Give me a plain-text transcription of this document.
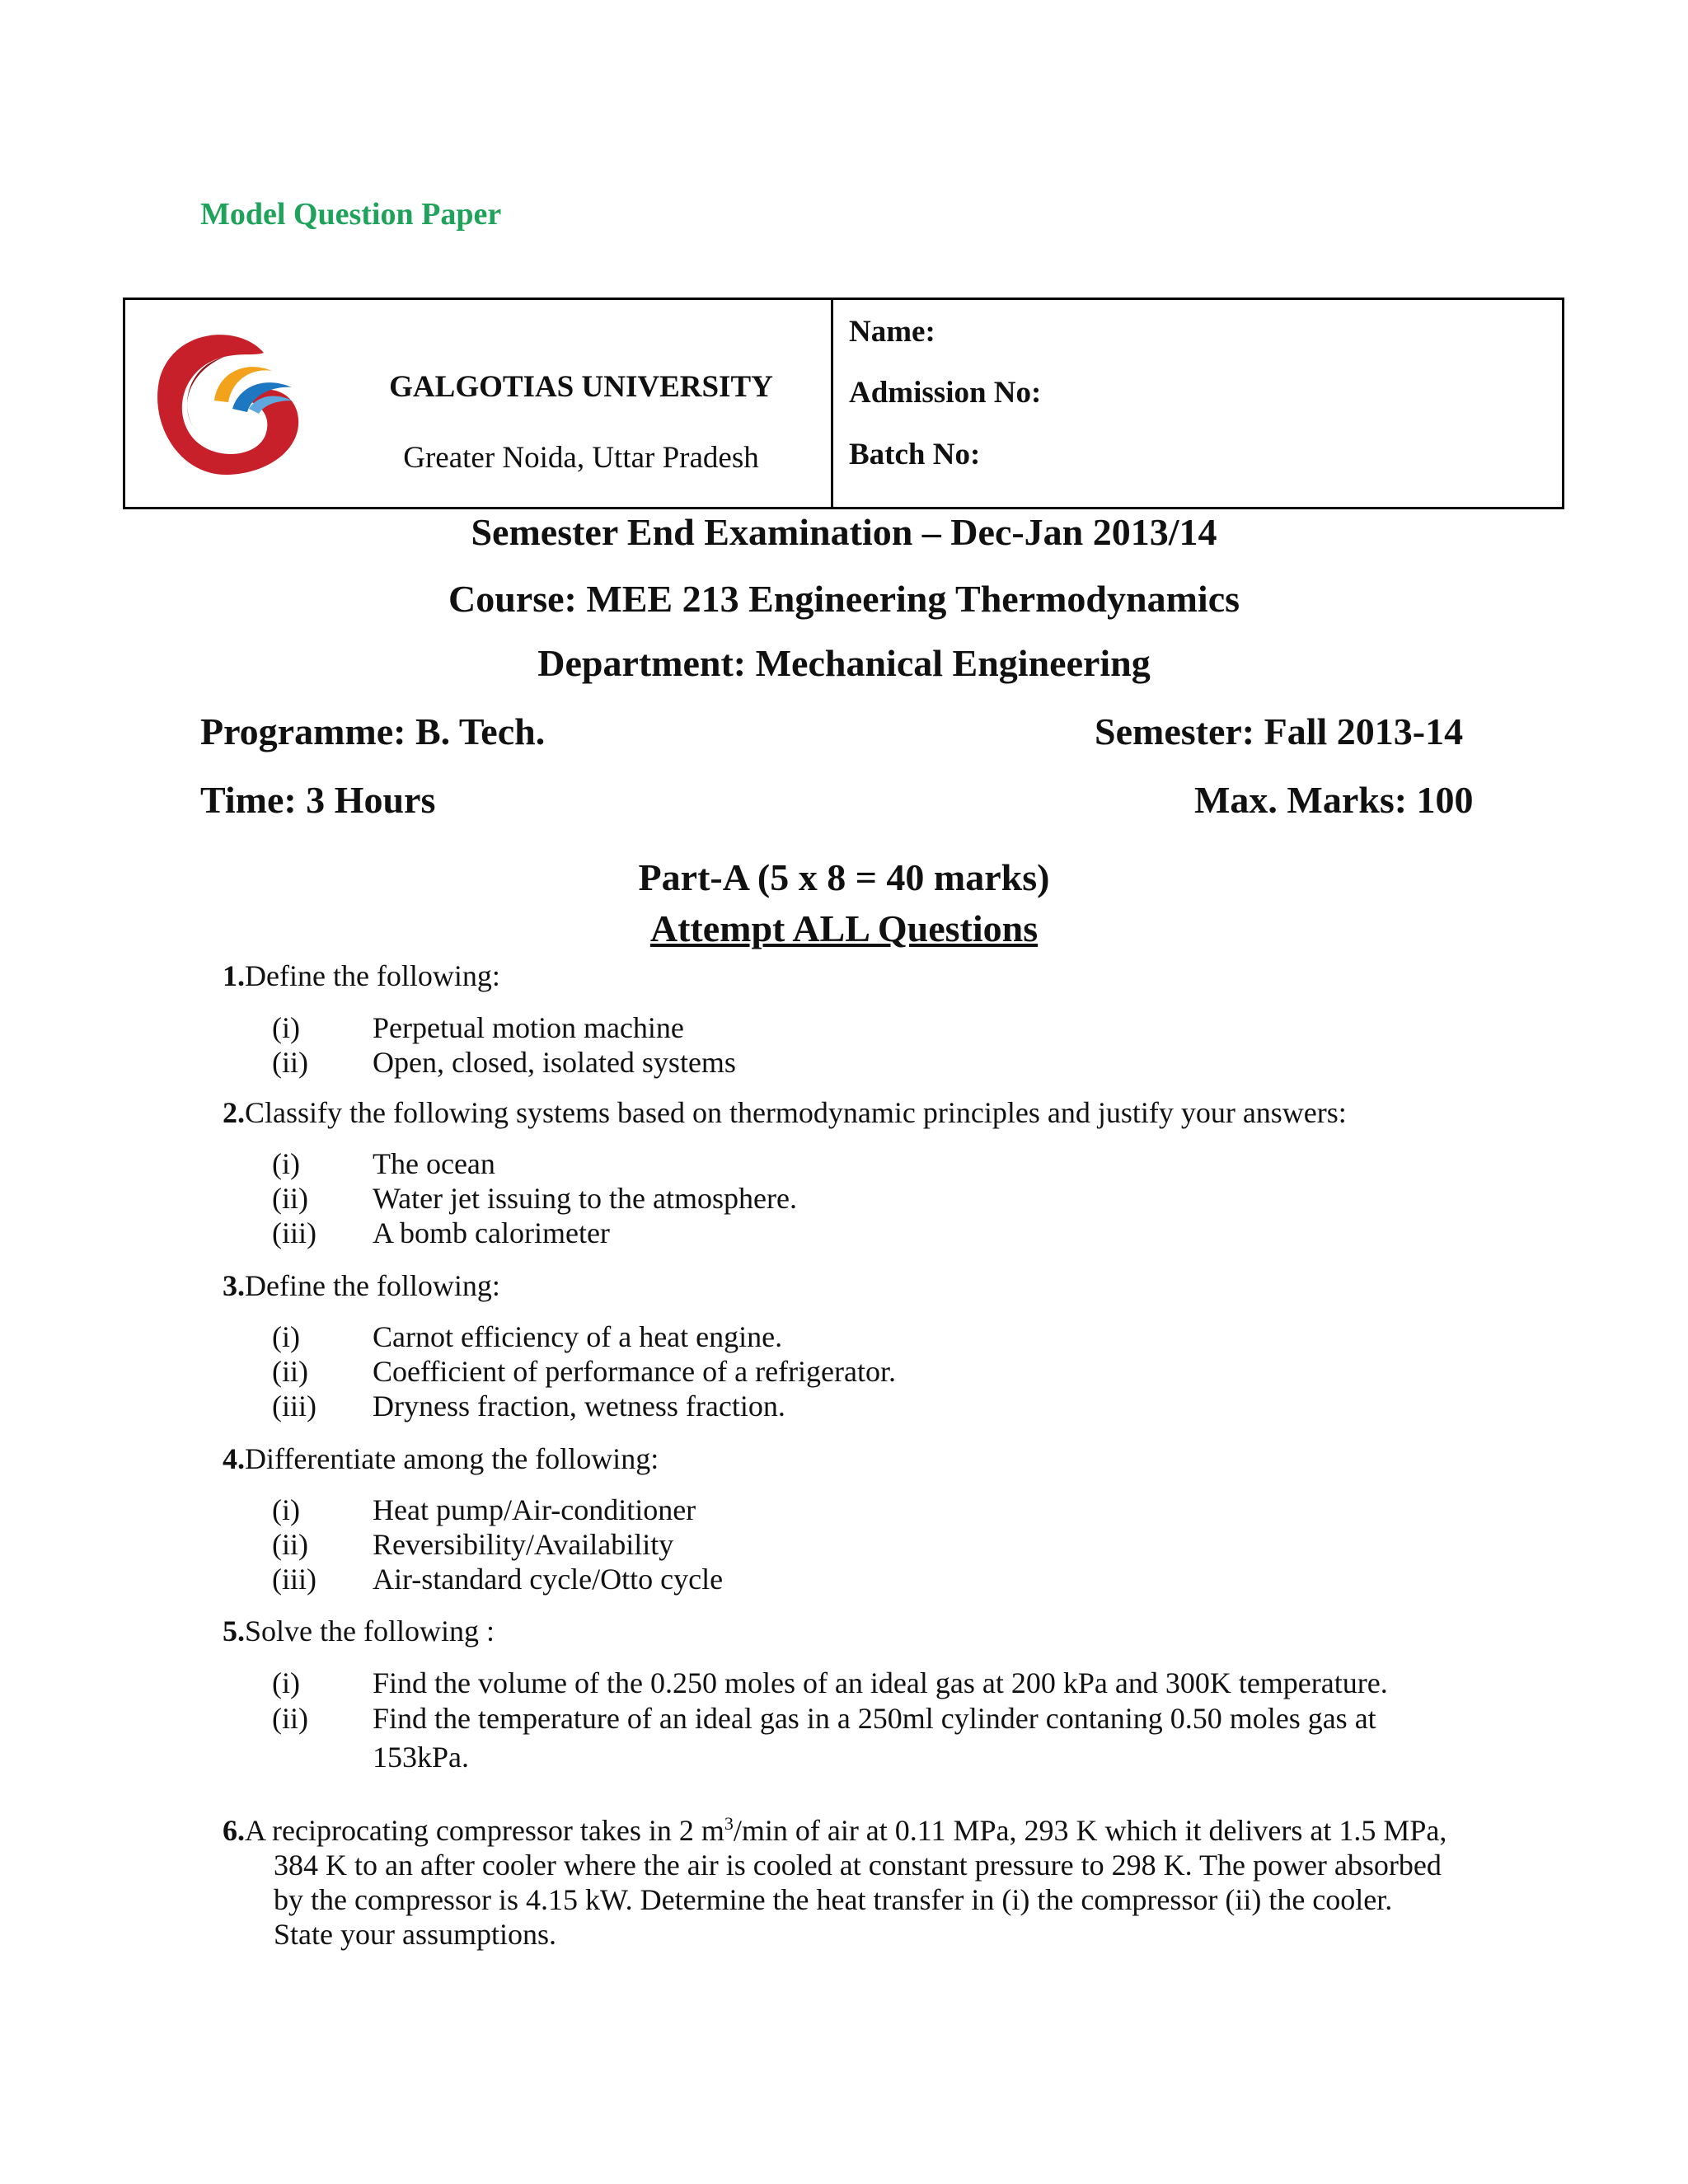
Model Question Paper
GALGOTIAS UNIVERSITY
Greater Noida, Uttar Pradesh
Name:
Admission No:
Batch No:
Semester End Examination – Dec-Jan 2013/14
Course: MEE 213 Engineering Thermodynamics
Department: Mechanical Engineering
Programme: B. Tech.	Semester: Fall 2013-14
Time: 3 Hours	Max. Marks: 100
Part-A (5 x 8 = 40 marks)
Attempt ALL Questions
1.Define the following:
(i) Perpetual motion machine
(ii) Open, closed, isolated systems
2.Classify the following systems based on thermodynamic principles and justify your answers:
(i) The ocean
(ii) Water jet issuing to the atmosphere.
(iii) A bomb calorimeter
3.Define the following:
(i) Carnot efficiency of a heat engine.
(ii) Coefficient of performance of a refrigerator.
(iii) Dryness fraction, wetness fraction.
4.Differentiate among the following:
(i) Heat pump/Air-conditioner
(ii) Reversibility/Availability
(iii) Air-standard cycle/Otto cycle
5.Solve the following :
(i) Find the volume of the 0.250 moles of an ideal gas at 200 kPa and 300K temperature.
(ii) Find the temperature of an ideal gas in a 250ml cylinder contaning 0.50 moles gas at
153kPa.
6.A reciprocating compressor takes in 2 $m^3/\min$ of air at 0.11 MPa, 293 K which it delivers at 1.5 MPa,
384 K to an after cooler where the air is cooled at constant pressure to 298 K. The power absorbed
by the compressor is 4.15 kW. Determine the heat transfer in (i) the compressor (ii) the cooler.
State your assumptions.
